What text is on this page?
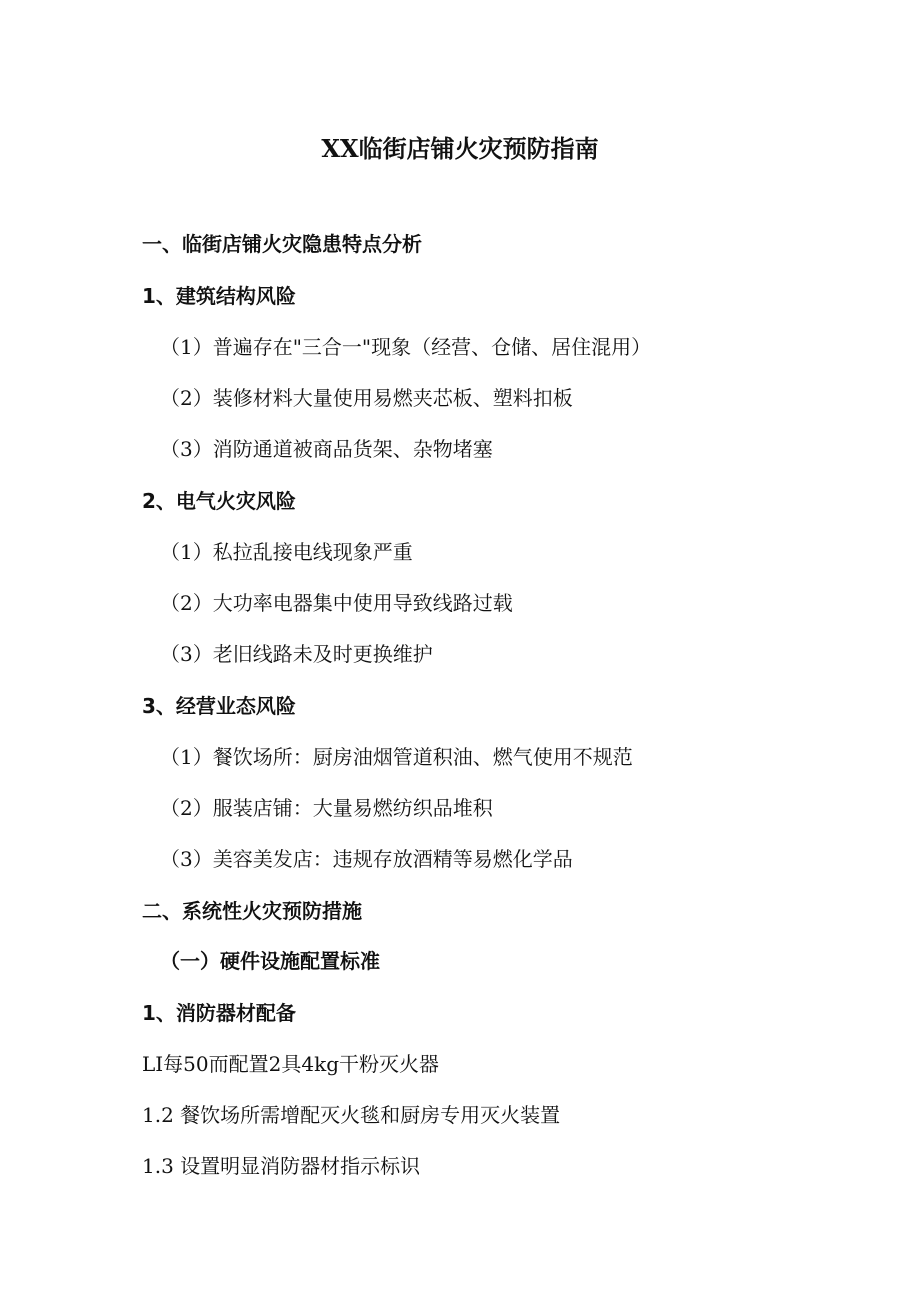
XX临街店铺火灾预防指南
一、临街店铺火灾隐患特点分析
1、建筑结构风险
（1）普遍存在"三合一"现象（经营、仓储、居住混用）
（2）装修材料大量使用易燃夹芯板、塑料扣板
（3）消防通道被商品货架、杂物堵塞
2、电气火灾风险
（1）私拉乱接电线现象严重
（2）大功率电器集中使用导致线路过载
（3）老旧线路未及时更换维护
3、经营业态风险
（1）餐饮场所：厨房油烟管道积油、燃气使用不规范
（2）服装店铺：大量易燃纺织品堆积
（3）美容美发店：违规存放酒精等易燃化学品
二、系统性火灾预防措施
（一）硬件设施配置标准
1、消防器材配备
LI每50而配置2具4kg干粉灭火器
1.2 餐饮场所需增配灭火毯和厨房专用灭火装置
1.3 设置明显消防器材指示标识
